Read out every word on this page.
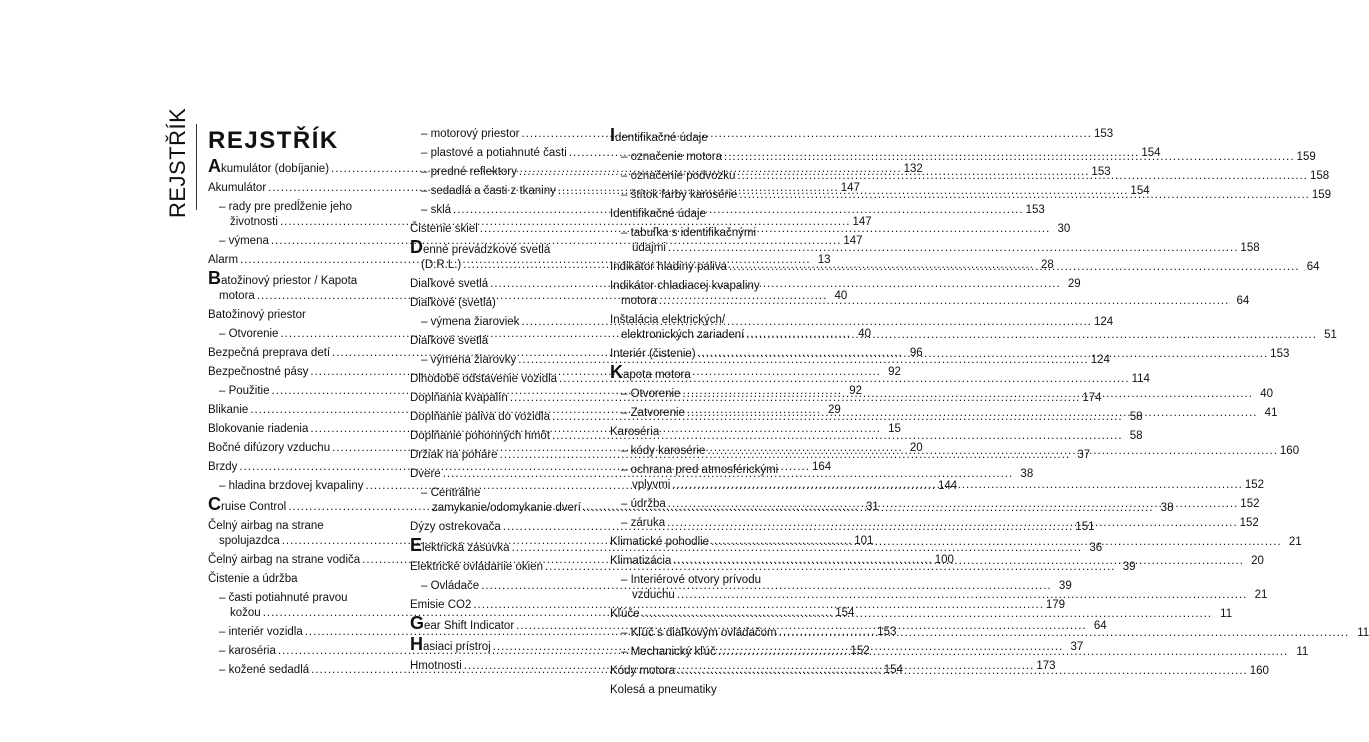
REJSTŘÍK REJSTŘÍK
Akumulátor (dobíjanie) .....	132
Akumulátor .....	147
– rady pre predĺženie jeho
životnosti .....	147
– výmena .....	147
Alarm .....	13
Batožinový priestor / Kapota
motora .....	40
Batožinový priestor
– Otvorenie .....	40
Bezpečná preprava detí .....	96
Bezpečnostné pásy .....	92
– Použitie .....	92
Blikanie .....	29
Blokovanie riadenia .....	15
Bočné difúzory vzduchu .....	20
Brzdy .....	164
– hladina brzdovej kvapaliny .....	144
Cruise Control .....	31
Čelný airbag na strane
spolujazdca .....	101
Čelný airbag na strane vodiča .....	100
Čistenie a údržba
– časti potiahnuté pravou
kožou .....	154
– interiér vozidla .....	153
– karoséria .....	152
– kožené sedadlá .....	154
– motorový priestor .....	153
– plastové a potiahnuté časti .....	154
– predné reflektory .....	153
– sedadlá a časti z tkaniny .....	154
– sklá .....	153
Čistenie skiel .....	30
Denné prevádzkové svetlá
(D.R.L.) .....	28
Diaľkové svetlá .....	29
Diaľkové (svetlá)
– výmena žiaroviek .....	124
Diaľkové svetlá
– výmena žiarovky .....	124
Dlhodobé odstavenie vozidla .....	114
Doplňania kvapalín .....	174
Doplňanie paliva do vozidla .....	58
Doplňanie pohonných hmôt .....	58
Držiak na poháre .....	37
Dvere .....	38
– Centrálne
zamykanie/odomykanie dverí .....	38
Dýzy ostrekovača .....	151
Elektrická zásuvka .....	36
Elektrické ovládanie okien .....	39
– Ovládače .....	39
Emisie CO2 .....	179
Gear Shift Indicator .....	64
Hasiaci prístroj .....	37
Hmotnosti .....	173
Identifikačné údaje
– označenie motora .....	159
– označenie podvozku .....	158
– štítok farby karosérie .....	159
Identifikačné údaje
– tabuľka s identifikačnými
údajmi .....	158
Indikátor hladiny paliva .....	64
Indikátor chladiacej kvapaliny
motora .....	64
Inštalácia elektrických/
elektronických zariadení .....	51
Interiér (čistenie) .....	153
Kapota motora
– Otvorenie .....	40
– Zatvorenie .....	41
Karoséria
– kódy karosérie .....	160
– ochrana pred atmosférickými
vplyvmi .....	152
– údržba .....	152
– záruka .....	152
Klimatické pohodlie .....	21
Klimatizácia .....	20
– Interiérové otvory prívodu
vzduchu .....	21
Kľúče .....	11
– Kľúč s diaľkovým ovládačom .....	11
– Mechanický kľúč .....	11
Kódy motora .....	160
Kolesá a pneumatiky
